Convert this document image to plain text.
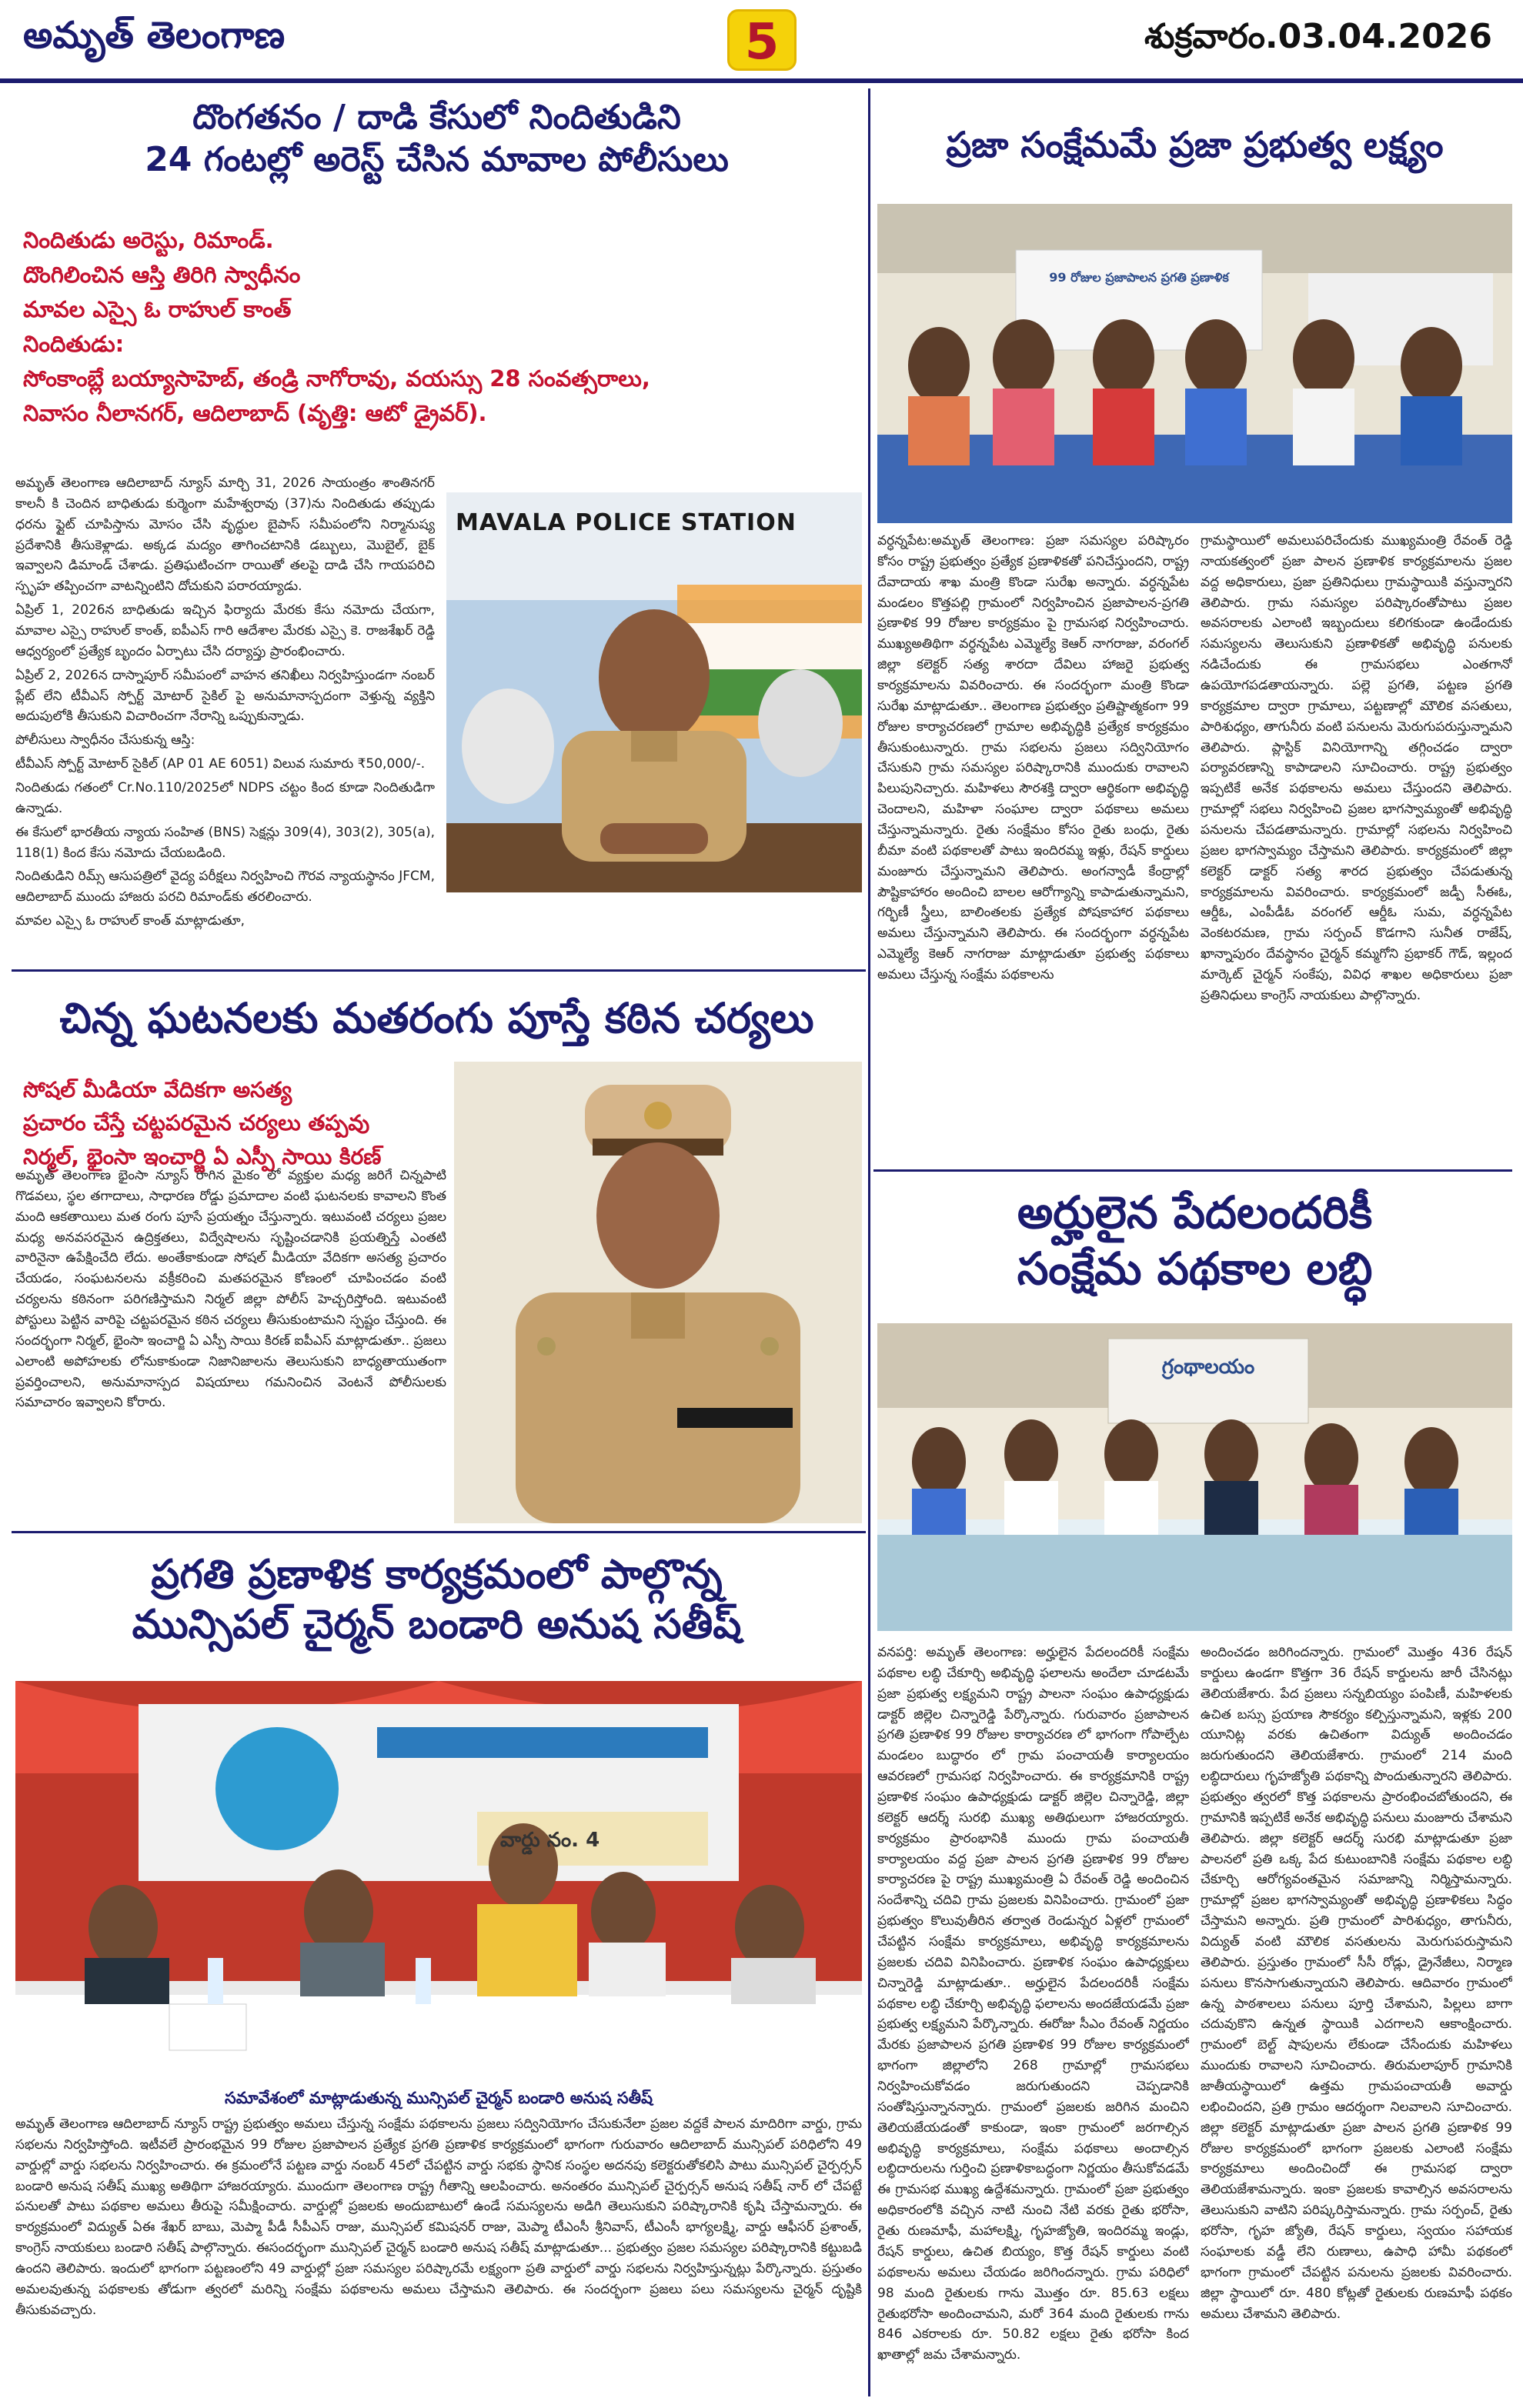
అమృత్ తెలంగాణ	5	శుక్రవారం.03.04.2026
దొంగతనం / దాడి కేసులో నిందితుడిని
24 గంటల్లో అరెస్ట్ చేసిన మావాల పోలీసులు
నిందితుడు అరెస్టు, రిమాండ్.
దొంగిలించిన ఆస్తి తిరిగి స్వాధీనం
మావల ఎస్సై ఓ రాహుల్ కాంత్
నిందితుడు:
సోంకాంబ్లే బయ్యాసాహెబ్, తండ్రి నాగోరావు, వయస్సు 28 సంవత్సరాలు,
నివాసం నీలానగర్, ఆదిలాబాద్ (వృత్తి: ఆటో డ్రైవర్).

అమృత్ తెలంగాణ ఆదిలాబాద్ న్యూస్ మార్చి 31, 2026 సాయంత్రం శాంతినగర్ కాలనీ కి చెందిన బాధితుడు కుర్మెంగా మహేశ్వరావు (37)ను నిందితుడు తప్పుడు ధరను ఫ్లైట్ చూపిస్తాను మోసం చేసి వృద్ధుల బైపాస్ సమీపంలోని నిర్మానుష్య ప్రదేశానికి తీసుకెళ్లాడు. అక్కడ మద్యం తాగించటానికి డబ్బులు, మొబైల్, బైక్ ఇవ్వాలని డిమాండ్ చేశాడు. ప్రతిఘటించగా రాయితో తలపై దాడి చేసి గాయపరిచి స్పృహ తప్పించగా వాటన్నింటిని దోచుకుని పరారయ్యాడు.

ఏప్రిల్ 1, 2026న బాధితుడు ఇచ్చిన ఫిర్యాదు మేరకు కేసు నమోదు చేయగా, మావాల ఎస్సై రాహుల్ కాంత్, ఐపీఎస్ గారి ఆదేశాల మేరకు ఎస్సై కె. రాజశేఖర్ రెడ్డి ఆధ్వర్యంలో ప్రత్యేక బృందం ఏర్పాటు చేసి దర్యాప్తు ప్రారంభించారు.

ఏప్రిల్ 2, 2026న దాస్నాపూర్ సమీపంలో వాహన తనిఖీలు నిర్వహిస్తుండగా నంబర్ ప్లేట్ లేని టీవీఎస్ స్పోర్ట్ మోటార్ సైకిల్ పై అనుమానాస్పదంగా వెళ్తున్న వ్యక్తిని అదుపులోకి తీసుకుని విచారించగా నేరాన్ని ఒప్పుకున్నాడు.

పోలీసులు స్వాధీనం చేసుకున్న ఆస్తి:

టీవీఎస్ స్పోర్ట్ మోటార్ సైకిల్ (AP 01 AE 6051) విలువ సుమారు ₹50,000/-.

నిందితుడు గతంలో Cr.No.110/2025లో NDPS చట్టం కింద కూడా నిందితుడిగా ఉన్నాడు.

ఈ కేసులో భారతీయ న్యాయ సంహిత (BNS) సెక్షన్లు 309(4), 303(2), 305(a), 118(1) కింద కేసు నమోదు చేయబడింది.

నిందితుడిని రిమ్స్ ఆసుపత్రిలో వైద్య పరీక్షలు నిర్వహించి గౌరవ న్యాయస్థానం JFCM, ఆదిలాబాద్ ముందు హాజరు పరచి రిమాండ్‌కు తరలించారు.

మావల ఎస్సై ఓ రాహుల్ కాంత్ మాట్లాడుతూ,

MAVALA POLICE STATION
చిన్న ఘటనలకు మతరంగు పూస్తే కఠిన చర్యలు
సోషల్ మీడియా వేదికగా అసత్య
ప్రచారం చేస్తే చట్టపరమైన చర్యలు తప్పవు
నిర్మల్, భైంసా ఇంచార్జి ఏ ఎస్పీ సాయి కిరణ్
అమృత్ తెలంగాణ భైంసా న్యూస్ రాగిన మైకం లో వ్యక్తుల మధ్య జరిగే చిన్నపాటి గొడవలు, స్థల తగాదాలు, సాధారణ రోడ్డు ప్రమాదాల వంటి ఘటనలకు కావాలని కొంత మంది ఆకతాయిలు మత రంగు పూసే ప్రయత్నం చేస్తున్నారు. ఇటువంటి చర్యలు ప్రజల మధ్య అనవసరమైన ఉద్రిక్తతలు, విద్వేషాలను సృష్టించడానికి ప్రయత్నిస్తే ఎంతటి వారినైనా ఉపేక్షించేది లేదు. అంతేకాకుండా సోషల్ మీడియా వేదికగా అసత్య ప్రచారం చేయడం, సంఘటనలను వక్రీకరించి మతపరమైన కోణంలో చూపించడం వంటి చర్యలను కఠినంగా పరిగణిస్తామని నిర్మల్ జిల్లా పోలీస్ హెచ్చరిస్తోంది. ఇటువంటి పోస్టులు పెట్టిన వారిపై చట్టపరమైన కఠిన చర్యలు తీసుకుంటామని స్పష్టం చేస్తుంది. ఈ సందర్భంగా నిర్మల్, భైంసా ఇంచార్జి ఏ ఎస్పీ సాయి కిరణ్ ఐపీఎస్ మాట్లాడుతూ.. ప్రజలు ఎలాంటి అపోహలకు లోనుకాకుండా నిజానిజాలను తెలుసుకుని బాధ్యతాయుతంగా ప్రవర్తించాలని, అనుమానాస్పద విషయాలు గమనించిన వెంటనే పోలీసులకు సమాచారం ఇవ్వాలని కోరారు.
ప్రగతి ప్రణాళిక కార్యక్రమంలో పాల్గొన్న
మున్సిపల్ చైర్మన్ బండారి అనుష సతీష్
వార్డు నం. 4
సమావేశంలో మాట్లాడుతున్న మున్సిపల్ చైర్మన్ బండారి అనుష సతీష్
అమృత్ తెలంగాణ ఆదిలాబాద్ న్యూస్ రాష్ట్ర ప్రభుత్వం అమలు చేస్తున్న సంక్షేమ పథకాలను ప్రజలు సద్వినియోగం చేసుకునేలా ప్రజల వద్దకే పాలన మాదిరిగా వార్డు, గ్రామ సభలను నిర్వహిస్తోంది. ఇటీవలే ప్రారంభమైన 99 రోజుల ప్రజాపాలన ప్రత్యేక ప్రగతి ప్రణాళిక కార్యక్రమంలో భాగంగా గురువారం ఆదిలాబాద్ మున్సిపల్ పరిధిలోని 49 వార్డుల్లో వార్డు సభలను నిర్వహించారు. ఈ క్రమంలోనే పట్టణ వార్డు నంబర్ 45లో చేపట్టిన వార్డు సభకు స్థానిక సంస్థల అదనపు కలెక్టరుతోకలిసి పాటు మున్సిపల్ చైర్పర్సన్ బండారి అనుష సతీష్ ముఖ్య అతిథిగా హాజరయ్యారు. ముందుగా తెలంగాణ రాష్ట్ర గీతాన్ని ఆలపించారు. అనంతరం మున్సిపల్ చైర్పర్సన్ అనుష సతీష్ నార్ లో చేపట్టే పనులతో పాటు పథకాల అమలు తీరుపై సమీక్షించారు. వార్డుల్లో ప్రజలకు అందుబాటులో ఉండే సమస్యలను అడిగి తెలుసుకుని పరిష్కారానికి కృషి చేస్తామన్నారు. ఈ కార్యక్రమంలో విద్యుత్ ఏఈ శేఖర్ బాబు, మెప్మా పీడీ సీపీఎస్ రాజు, మున్సిపల్ కమిషనర్ రాజు, మెప్మా టీఎంసీ శ్రీనివాస్, టీఎంసీ భాగ్యలక్ష్మి, వార్డు ఆఫీసర్ ప్రశాంత్, కాంగ్రెస్ నాయకులు బండారి సతీష్ పాల్గొన్నారు. ఈసందర్భంగా మున్సిపల్ చైర్మన్ బండారి అనుష సతీష్ మాట్లాడుతూ... ప్రభుత్వం ప్రజల సమస్యల పరిష్కారానికి కట్టుబడి ఉందని తెలిపారు. ఇందులో భాగంగా పట్టణంలోని 49 వార్డుల్లో ప్రజా సమస్యల పరిష్కారమే లక్ష్యంగా ప్రతి వార్డులో వార్డు సభలను నిర్వహిస్తున్నట్లు పేర్కొన్నారు. ప్రస్తుతం అమలవుతున్న పథకాలకు తోడుగా త్వరలో మరిన్ని సంక్షేమ పథకాలను అమలు చేస్తామని తెలిపారు. ఈ సందర్భంగా ప్రజలు పలు సమస్యలను చైర్మన్ దృష్టికి తీసుకువచ్చారు.
ప్రజా సంక్షేమమే ప్రజా ప్రభుత్వ లక్ష్యం
99 రోజుల ప్రజాపాలన ప్రగతి ప్రణాళిక
వర్ధన్నపేట:అమృత్ తెలంగాణ: ప్రజా సమస్యల పరిష్కారం కోసం రాష్ట్ర ప్రభుత్వం ప్రత్యేక ప్రణాళికతో పనిచేస్తుందని, రాష్ట్ర దేవాదాయ శాఖ మంత్రి కొండా సురేఖ అన్నారు. వర్ధన్నపేట మండలం కొత్తపల్లి గ్రామంలో నిర్వహించిన ప్రజాపాలన-ప్రగతి ప్రణాళిక 99 రోజుల కార్యక్రమం పై గ్రామసభ నిర్వహించారు. ముఖ్యఅతిథిగా వర్ధన్నపేట ఎమ్మెల్యే కెఆర్ నాగరాజు, వరంగల్ జిల్లా కలెక్టర్ సత్య శారదా దేవిలు హాజరై ప్రభుత్వ కార్యక్రమాలను వివరించారు. ఈ సందర్భంగా మంత్రి కొండా సురేఖ మాట్లాడుతూ.. తెలంగాణ ప్రభుత్వం ప్రతిష్టాత్మకంగా 99 రోజుల కార్యాచరణలో గ్రామాల అభివృద్ధికి ప్రత్యేక కార్యక్రమం తీసుకుంటున్నారు. గ్రామ సభలను ప్రజలు సద్వినియోగం చేసుకుని గ్రామ సమస్యల పరిష్కారానికి ముందుకు రావాలని పిలుపునిచ్చారు. మహిళలు సౌరశక్తి ద్వారా ఆర్థికంగా అభివృద్ధి చెందాలని, మహిళా సంఘాల ద్వారా పథకాలు అమలు చేస్తున్నామన్నారు. రైతు సంక్షేమం కోసం రైతు బంధు, రైతు బీమా వంటి పథకాలతో పాటు ఇందిరమ్మ ఇళ్లు, రేషన్ కార్డులు మంజూరు చేస్తున్నామని తెలిపారు. అంగన్వాడీ కేంద్రాల్లో పౌష్టికాహారం అందించి బాలల ఆరోగ్యాన్ని కాపాడుతున్నామని, గర్భిణీ స్త్రీలు, బాలింతలకు ప్రత్యేక పోషకాహార పథకాలు అమలు చేస్తున్నామని తెలిపారు. ఈ సందర్భంగా వర్ధన్నపేట ఎమ్మెల్యే కెఆర్ నాగరాజు మాట్లాడుతూ ప్రభుత్వ పథకాలు అమలు చేస్తున్న సంక్షేమ పథకాలను
గ్రామస్థాయిలో అమలుపరిచేందుకు ముఖ్యమంత్రి రేవంత్ రెడ్డి నాయకత్వంలో ప్రజా పాలన ప్రణాళిక కార్యక్రమాలను ప్రజల వద్ద అధికారులు, ప్రజా ప్రతినిధులు గ్రామస్థాయికి వస్తున్నారని తెలిపారు. గ్రామ సమస్యల పరిష్కారంతోపాటు ప్రజల అవసరాలకు ఎలాంటి ఇబ్బందులు కలిగకుండా ఉండేందుకు సమస్యలను తెలుసుకుని ప్రణాళికతో అభివృద్ధి పనులకు నడిచేందుకు ఈ గ్రామసభలు ఎంతగానో ఉపయోగపడతాయన్నారు. పల్లె ప్రగతి, పట్టణ ప్రగతి కార్యక్రమాల ద్వారా గ్రామాలు, పట్టణాల్లో మౌలిక వసతులు, పారిశుధ్యం, తాగునీరు వంటి పనులను మెరుగుపరుస్తున్నామని తెలిపారు. ప్లాస్టిక్ వినియోగాన్ని తగ్గించడం ద్వారా పర్యావరణాన్ని కాపాడాలని సూచించారు. రాష్ట్ర ప్రభుత్వం ఇప్పటికే అనేక పథకాలను అమలు చేస్తుందని తెలిపారు. గ్రామాల్లో సభలు నిర్వహించి ప్రజల భాగస్వామ్యంతో అభివృద్ధి పనులను చేపడతామన్నారు. గ్రామాల్లో సభలను నిర్వహించి ప్రజల భాగస్వామ్యం చేస్తామని తెలిపారు. కార్యక్రమంలో జిల్లా కలెక్టర్ డాక్టర్ సత్య శారద ప్రభుత్వం చేపడుతున్న కార్యక్రమాలను వివరించారు. కార్యక్రమంలో జడ్పీ సీఈఓ, ఆర్డీఓ, ఎంపీడీఓ వరంగల్ ఆర్డీఓ సుమ, వర్ధన్నపేట వెంకటరమణ, గ్రామ సర్పంచ్ కొడగాని సునీత రాజేష్, ఖాన్నాపురం దేవస్థానం చైర్మన్ కమ్మగోని ప్రభాకర్ గౌడ్, ఇల్లంద మార్కెట్ చైర్మన్ సంకేపు, వివిధ శాఖల అధికారులు ప్రజా ప్రతినిధులు కాంగ్రెస్ నాయకులు పాల్గొన్నారు.
అర్హులైన పేదలందరికీ
సంక్షేమ పథకాల లబ్ధి
గ్రంథాలయం
వనపర్తి: అమృత్ తెలంగాణ: అర్హులైన పేదలందరికీ సంక్షేమ పథకాల లబ్ధి చేకూర్చి అభివృద్ధి ఫలాలను అందేలా చూడటమే ప్రజా ప్రభుత్వ లక్ష్యమని రాష్ట్ర పాలనా సంఘం ఉపాధ్యక్షుడు డాక్టర్ జిల్లెల చిన్నారెడ్డి పేర్కొన్నారు. గురువారం ప్రజాపాలన ప్రగతి ప్రణాళిక 99 రోజుల కార్యాచరణ లో భాగంగా గోపాల్పేట మండలం బుద్ధారం లో గ్రామ పంచాయతీ కార్యాలయం ఆవరణలో గ్రామసభ నిర్వహించారు. ఈ కార్యక్రమానికి రాష్ట్ర ప్రణాళిక సంఘం ఉపాధ్యక్షుడు డాక్టర్ జిల్లెల చిన్నారెడ్డి, జిల్లా కలెక్టర్ ఆదర్శ్ సురభి ముఖ్య అతిథులుగా హాజరయ్యారు. కార్యక్రమం ప్రారంభానికి ముందు గ్రామ పంచాయతీ కార్యాలయం వద్ద ప్రజా పాలన ప్రగతి ప్రణాళిక 99 రోజుల కార్యాచరణ పై రాష్ట్ర ముఖ్యమంత్రి ఏ రేవంత్ రెడ్డి అందించిన సందేశాన్ని చదివి గ్రామ ప్రజలకు వినిపించారు. గ్రామంలో ప్రజా ప్రభుత్వం కొలువుతీరిన తర్వాత రెండున్నర ఏళ్లలో గ్రామంలో చేపట్టిన సంక్షేమ కార్యక్రమాలు, అభివృద్ధి కార్యక్రమాలను ప్రజలకు చదివి వినిపించారు. ప్రణాళిక సంఘం ఉపాధ్యక్షులు చిన్నారెడ్డి మాట్లాడుతూ.. అర్హులైన పేదలందరికీ సంక్షేమ పథకాల లబ్ధి చేకూర్చి అభివృద్ధి ఫలాలను అందజేయడమే ప్రజా ప్రభుత్వ లక్ష్యమని పేర్కొన్నారు. ఈరోజు సీఎం రేవంత్ నిర్ణయం మేరకు ప్రజాపాలన ప్రగతి ప్రణాళిక 99 రోజుల కార్యక్రమంలో భాగంగా జిల్లాలోని 268 గ్రామాల్లో గ్రామసభలు నిర్వహించుకోవడం జరుగుతుందని చెప్పడానికి సంతోషిస్తున్నానన్నారు. గ్రామంలో ప్రజలకు జరిగిన మంచిని తెలియజేయడంతో కాకుండా, ఇంకా గ్రామంలో జరగాల్సిన అభివృద్ధి కార్యక్రమాలు, సంక్షేమ పథకాలు అందాల్సిన లబ్ధిదారులను గుర్తించి ప్రణాళికాబద్ధంగా నిర్ణయం తీసుకోవడమే ఈ గ్రామసభ ముఖ్య ఉద్దేశమన్నారు. గ్రామంలో ప్రజా ప్రభుత్వం అధికారంలోకి వచ్చిన నాటి నుంచి నేటి వరకు రైతు భరోసా, రైతు రుణమాఫీ, మహాలక్ష్మి, గృహజ్యోతి, ఇందిరమ్మ ఇండ్లు, రేషన్ కార్డులు, ఉచిత బియ్యం, కొత్త రేషన్ కార్డులు వంటి పథకాలను అమలు చేయడం జరిగిందన్నారు. గ్రామ పరిధిలో 98 మంది రైతులకు గాను మొత్తం రూ. 85.63 లక్షలు రైతుభరోసా అందించామని, మరో 364 మంది రైతులకు గాను 846 ఎకరాలకు రూ. 50.82 లక్షలు రైతు భరోసా కింద ఖాతాల్లో జమ చేశామన్నారు.
అందించడం జరిగిందన్నారు. గ్రామంలో మొత్తం 436 రేషన్ కార్డులు ఉండగా కొత్తగా 36 రేషన్ కార్డులను జారీ చేసినట్లు తెలియజేశారు. పేద ప్రజలు సన్నబియ్యం పంపిణీ, మహిళలకు ఉచిత బస్సు ప్రయాణ సౌకర్యం కల్పిస్తున్నామని, ఇళ్లకు 200 యూనిట్ల వరకు ఉచితంగా విద్యుత్ అందించడం జరుగుతుందని తెలియజేశారు. గ్రామంలో 214 మంది లబ్ధిదారులు గృహజ్యోతి పథకాన్ని పొందుతున్నారని తెలిపారు. ప్రభుత్వం త్వరలో కొత్త పథకాలను ప్రారంభించబోతుందని, ఈ గ్రామానికి ఇప్పటికే అనేక అభివృద్ధి పనులు మంజూరు చేశామని తెలిపారు. జిల్లా కలెక్టర్ ఆదర్శ్ సురభి మాట్లాడుతూ ప్రజా పాలనలో ప్రతి ఒక్క పేద కుటుంబానికి సంక్షేమ పథకాల లబ్ధి చేకూర్చి ఆరోగ్యవంతమైన సమాజాన్ని నిర్మిస్తామన్నారు. గ్రామాల్లో ప్రజల భాగస్వామ్యంతో అభివృద్ధి ప్రణాళికలు సిద్ధం చేస్తామని అన్నారు. ప్రతి గ్రామంలో పారిశుధ్యం, తాగునీరు, విద్యుత్ వంటి మౌలిక వసతులను మెరుగుపరుస్తామని తెలిపారు. ప్రస్తుతం గ్రామంలో సీసీ రోడ్లు, డ్రైనేజీలు, నిర్మాణ పనులు కొనసాగుతున్నాయని తెలిపారు. ఆదివారం గ్రామంలో ఉన్న పాఠశాలలు పనులు పూర్తి చేశామని, పిల్లలు బాగా చదువుకొని ఉన్నత స్థాయికి ఎదగాలని ఆకాంక్షించారు. గ్రామంలో బెల్ట్ షాపులను లేకుండా చేసేందుకు మహిళలు ముందుకు రావాలని సూచించారు. తిరుమలాపూర్ గ్రామానికి జాతీయస్థాయిలో ఉత్తమ గ్రామపంచాయతీ అవార్డు లభించిందని, ప్రతి గ్రామం ఆదర్శంగా నిలవాలని సూచించారు. జిల్లా కలెక్టర్ మాట్లాడుతూ ప్రజా పాలన ప్రగతి ప్రణాళిక 99 రోజుల కార్యక్రమంలో భాగంగా ప్రజలకు ఎలాంటి సంక్షేమ కార్యక్రమాలు అందించిందో ఈ గ్రామసభ ద్వారా తెలియజేశామన్నారు. ఇంకా ప్రజలకు కావాల్సిన అవసరాలను తెలుసుకుని వాటిని పరిష్కరిస్తామన్నారు. గ్రామ సర్పంచ్, రైతు భరోసా, గృహ జ్యోతి, రేషన్ కార్డులు, స్వయం సహాయక సంఘాలకు వడ్డీ లేని రుణాలు, ఉపాధి హామీ పథకంలో భాగంగా గ్రామంలో చేపట్టిన పనులను ప్రజలకు వివరించారు. జిల్లా స్థాయిలో రూ. 480 కోట్లతో రైతులకు రుణమాఫీ పథకం అమలు చేశామని తెలిపారు.
